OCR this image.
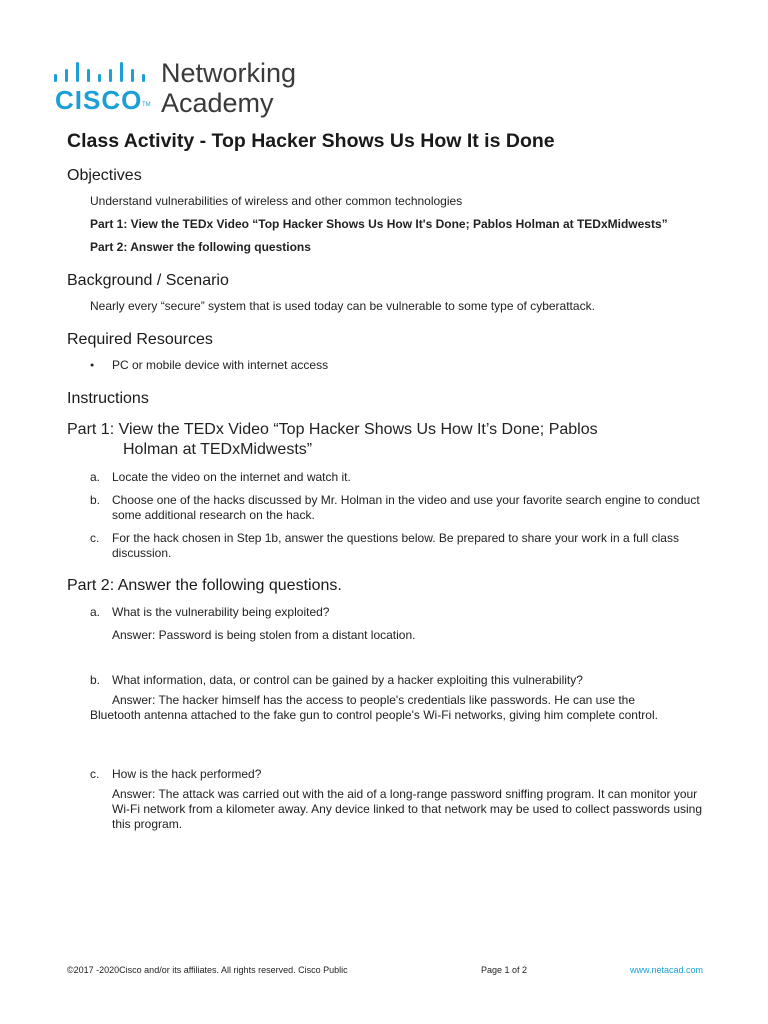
CISCO TM
Networking
Academy
Class Activity - Top Hacker Shows Us How It is Done
Objectives
Understand vulnerabilities of wireless and other common technologies
Part 1: View the TEDx Video “Top Hacker Shows Us How It's Done; Pablos Holman at TEDxMidwests”
Part 2: Answer the following questions
Background / Scenario
Nearly every “secure” system that is used today can be vulnerable to some type of cyberattack.
Required Resources
●	PC or mobile device with internet access
Instructions
Part 1: View the TEDx Video “Top Hacker Shows Us How It’s Done; Pablos
Holman at TEDxMidwests”
a. Locate the video on the internet and watch it.
b. Choose one of the hacks discussed by Mr. Holman in the video and use your favorite search engine to conduct some additional research on the hack.
c.	For the hack chosen in Step 1b, answer the questions below. Be prepared to share your work in a full class discussion.
Part 2: Answer the following questions.
a. What is the vulnerability being exploited?
Answer: Password is being stolen from a distant location.
b. What information, data, or control can be gained by a hacker exploiting this vulnerability?
Answer: The hacker himself has the access to people's credentials like passwords. He can use the
Bluetooth antenna attached to the fake gun to control people's Wi-Fi networks, giving him complete control.
c.	How is the hack performed?
Answer: The attack was carried out with the aid of a long-range password sniffing program. It can monitor your Wi-Fi network from a kilometer away. Any device linked to that network may be used to collect passwords using this program.
©2017 -2020Cisco and/or its affiliates. All rights reserved. Cisco Public	Page 1 of 2	www.netacad.com
